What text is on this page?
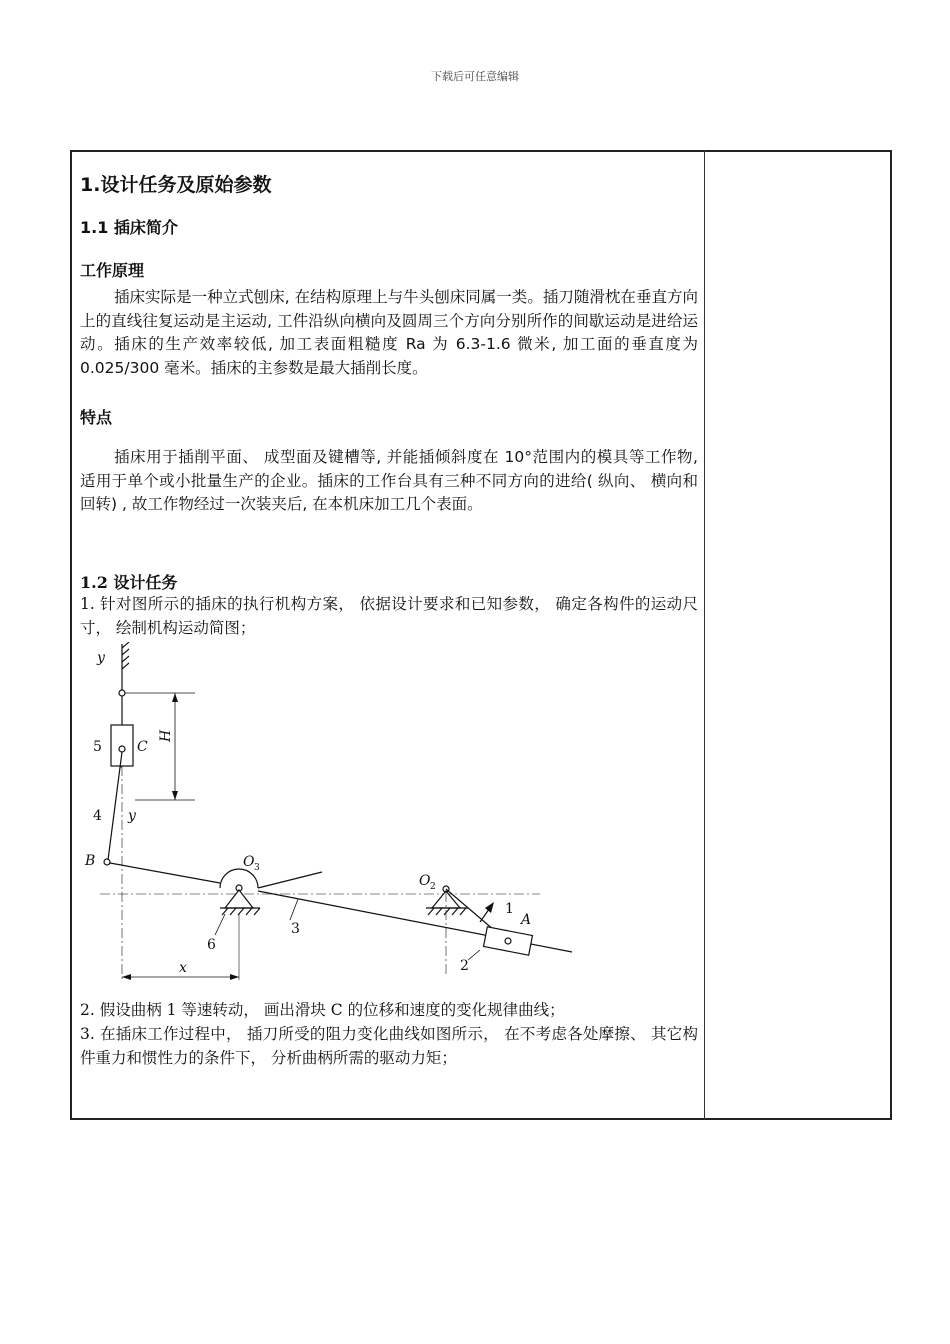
下载后可任意编辑
1.设计任务及原始参数
1.1 插床简介
工作原理

插床实际是一种立式刨床, 在结构原理上与牛头刨床同属一类。插刀随滑枕在垂直方向上的直线往复运动是主运动, 工件沿纵向横向及圆周三个方向分别所作的间歇运动是进给运动。插床的生产效率较低, 加工表面粗糙度 Ra 为 6.3-1.6 微米, 加工面的垂直度为 0.025/300 毫米。插床的主参数是最大插削长度。

特点

插床用于插削平面、 成型面及键槽等, 并能插倾斜度在 10°范围内的模具等工作物, 适用于单个或小批量生产的企业。插床的工作台具有三种不同方向的进给( 纵向、 横向和回转) , 故工作物经过一次装夹后, 在本机床加工几个表面。

1.2 设计任务

1. 针对图所示的插床的执行机构方案， 依据设计要求和已知参数， 确定各构件的运动尺寸， 绘制机构运动简图；

2. 假设曲柄 1 等速转动， 画出滑块 C 的位移和速度的变化规律曲线；

3. 在插床工作过程中， 插刀所受的阻力变化曲线如图所示， 在不考虑各处摩擦、 其它构件重力和惯性力的条件下， 分析曲柄所需的驱动力矩；

y
H
5	C
4 y
B	O 3
O 2
1
A
3
6
2
x
